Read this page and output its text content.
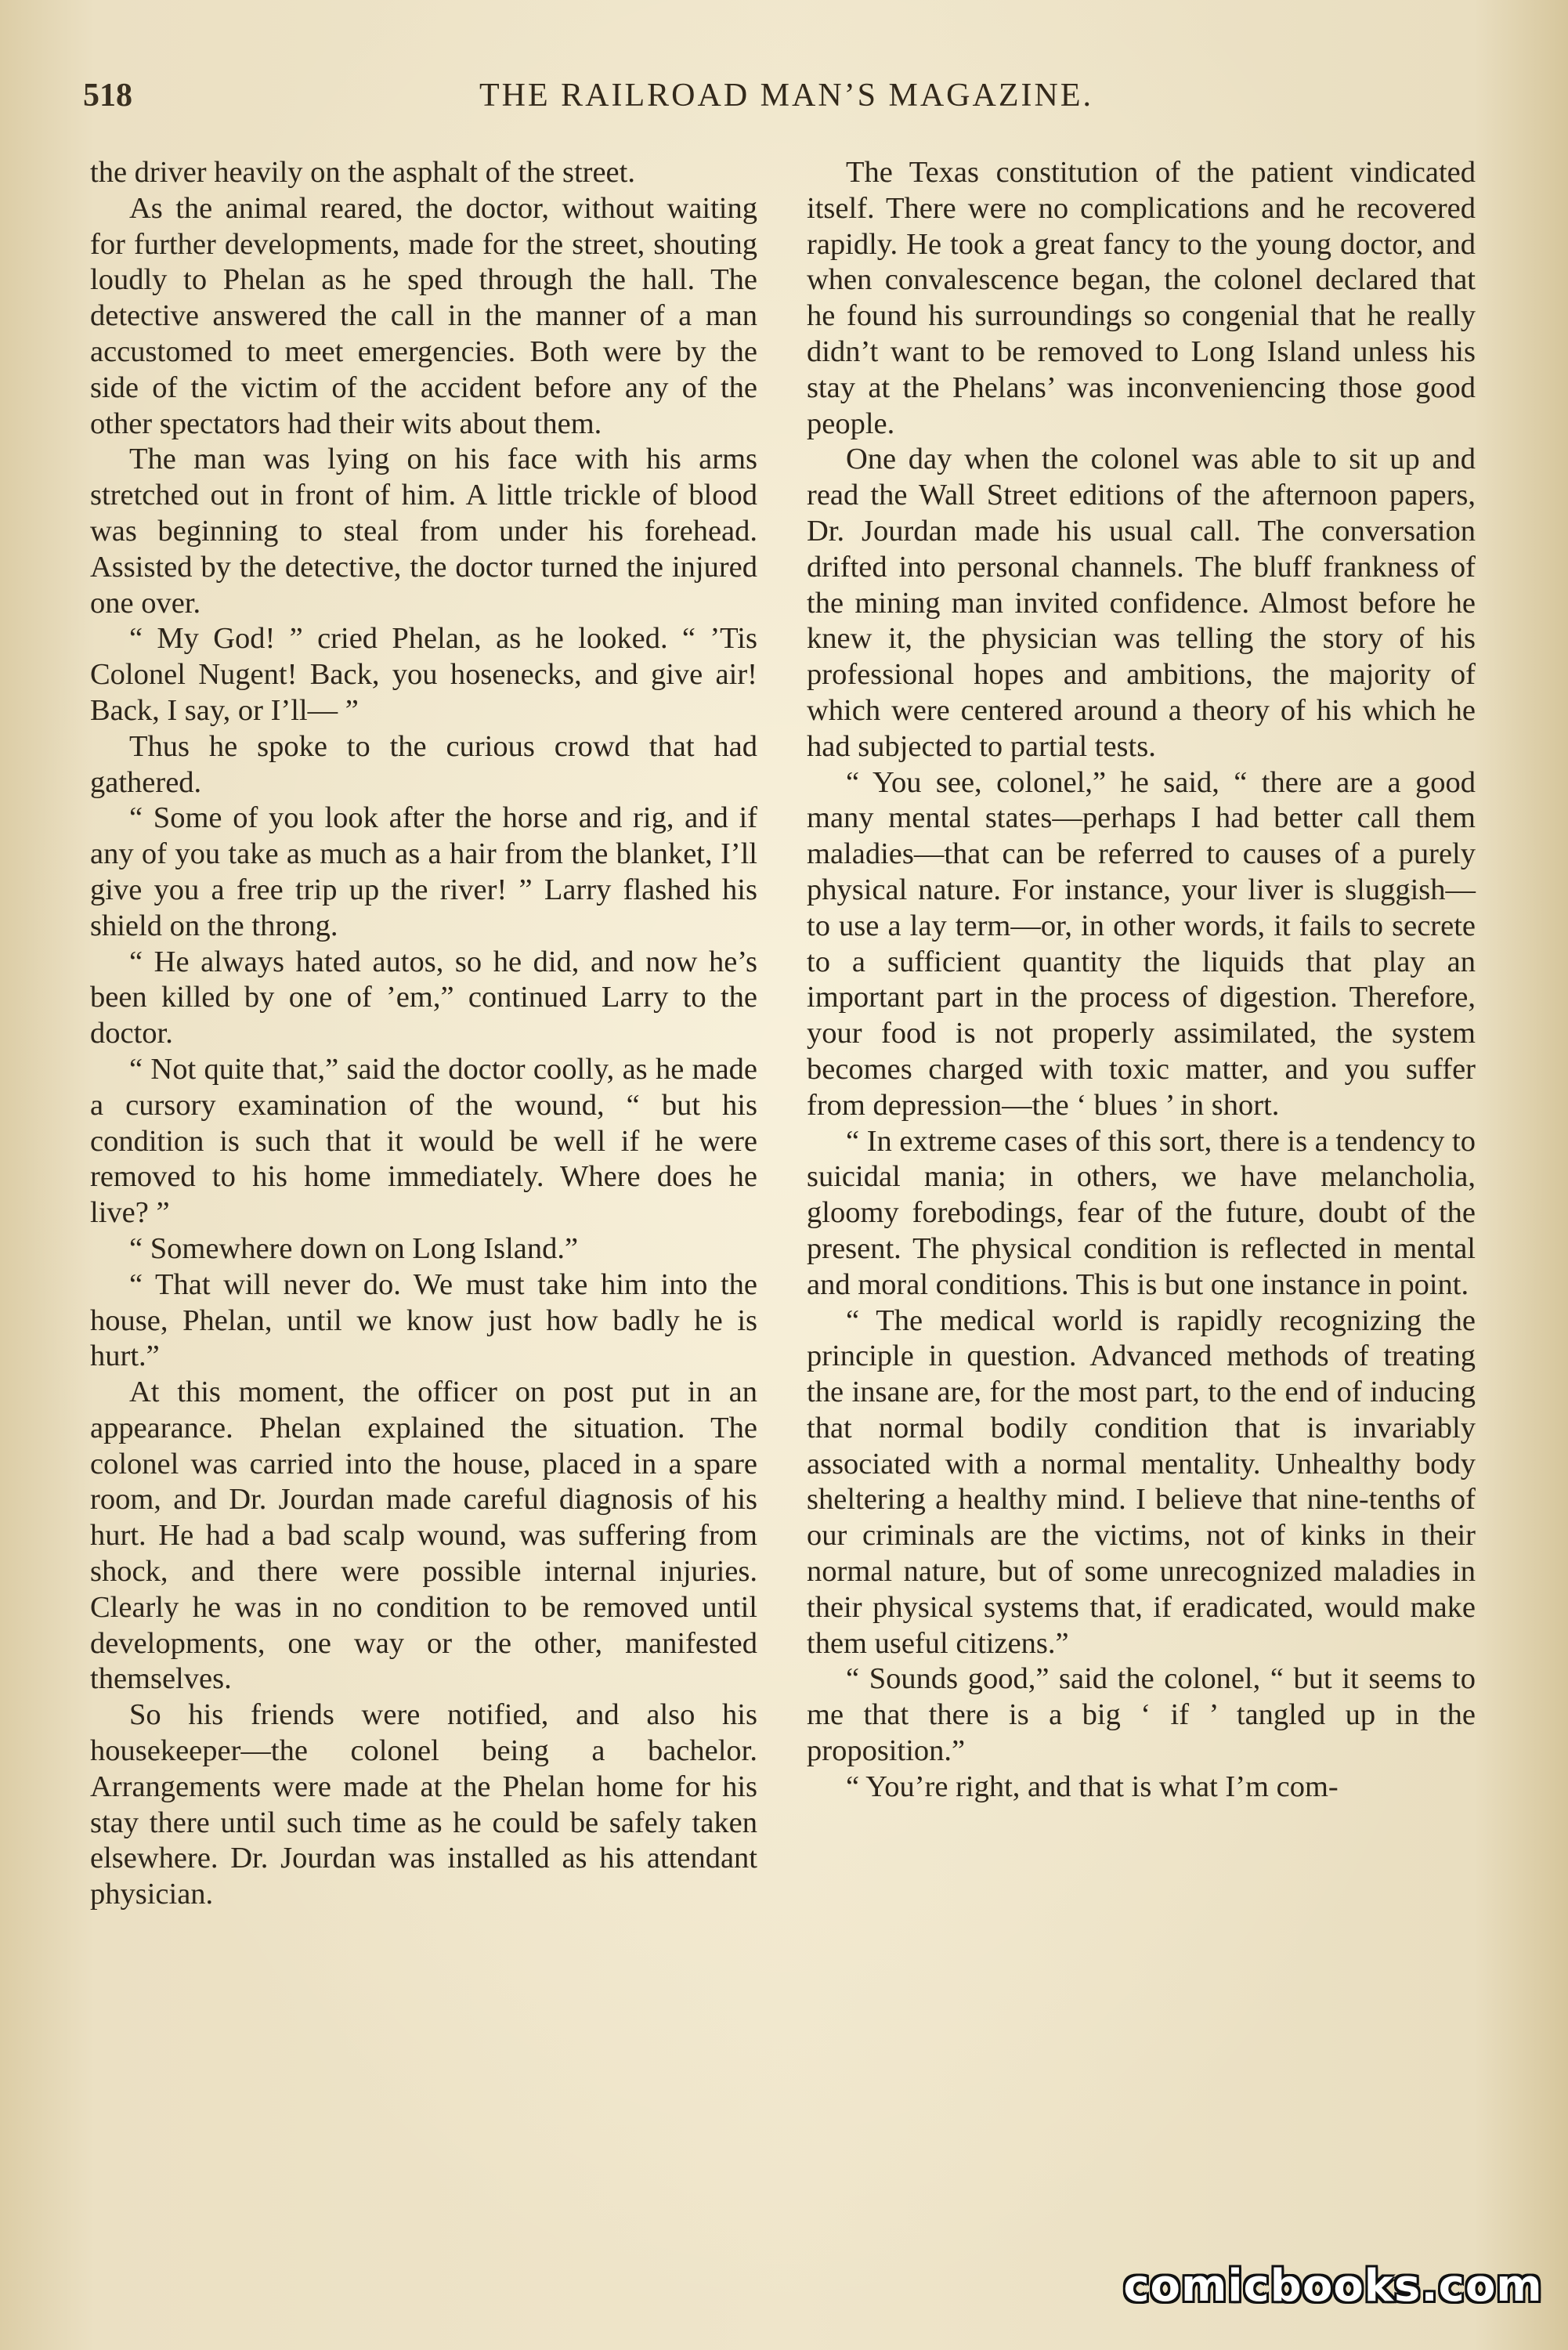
518	THE RAILROAD MAN’S MAGAZINE.

the driver heavily on the asphalt of the street.

As the animal reared, the doctor, without waiting for further developments, made for the street, shouting loudly to Phelan as he sped through the hall. The detective answered the call in the manner of a man accustomed to meet emergencies. Both were by the side of the victim of the accident before any of the other spectators had their wits about them.

The man was lying on his face with his arms stretched out in front of him. A little trickle of blood was beginning to steal from under his forehead. Assisted by the detective, the doctor turned the injured one over.

“ My God! ” cried Phelan, as he looked. “ ’Tis Colonel Nugent! Back, you hosenecks, and give air! Back, I say, or I’ll— ”

Thus he spoke to the curious crowd that had gathered.

“ Some of you look after the horse and rig, and if any of you take as much as a hair from the blanket, I’ll give you a free trip up the river! ” Larry flashed his shield on the throng.

“ He always hated autos, so he did, and now he’s been killed by one of ’em,” continued Larry to the doctor.

“ Not quite that,” said the doctor coolly, as he made a cursory examination of the wound, “ but his condition is such that it would be well if he were removed to his home immediately. Where does he live? ”

“ Somewhere down on Long Island.”

“ That will never do. We must take him into the house, Phelan, until we know just how badly he is hurt.”

At this moment, the officer on post put in an appearance. Phelan explained the situation. The colonel was carried into the house, placed in a spare room, and Dr. Jourdan made careful diagnosis of his hurt. He had a bad scalp wound, was suffering from shock, and there were possible internal injuries. Clearly he was in no condition to be removed until developments, one way or the other, manifested themselves.

So his friends were notified, and also his housekeeper—the colonel being a bachelor. Arrangements were made at the Phelan home for his stay there until such time as he could be safely taken elsewhere. Dr. Jourdan was installed as his attendant physician.

The Texas constitution of the patient vindicated itself. There were no complications and he recovered rapidly. He took a great fancy to the young doctor, and when convalescence began, the colonel declared that he found his surroundings so congenial that he really didn’t want to be removed to Long Island unless his stay at the Phelans’ was inconveniencing those good people.

One day when the colonel was able to sit up and read the Wall Street editions of the afternoon papers, Dr. Jourdan made his usual call. The conversation drifted into personal channels. The bluff frankness of the mining man invited confidence. Almost before he knew it, the physician was telling the story of his professional hopes and ambitions, the majority of which were centered around a theory of his which he had subjected to partial tests.

“ You see, colonel,” he said, “ there are a good many mental states—perhaps I had better call them maladies—that can be referred to causes of a purely physical nature. For instance, your liver is sluggish—to use a lay term—or, in other words, it fails to secrete to a sufficient quantity the liquids that play an important part in the process of digestion. Therefore, your food is not properly assimilated, the system becomes charged with toxic matter, and you suffer from depression—the ‘ blues ’ in short.

“ In extreme cases of this sort, there is a tendency to suicidal mania; in others, we have melancholia, gloomy forebodings, fear of the future, doubt of the present. The physical condition is reflected in mental and moral conditions. This is but one instance in point.

“ The medical world is rapidly recognizing the principle in question. Advanced methods of treating the insane are, for the most part, to the end of inducing that normal bodily condition that is invariably associated with a normal mentality. Unhealthy body sheltering a healthy mind. I believe that nine-tenths of our criminals are the victims, not of kinks in their normal nature, but of some unrecognized maladies in their physical systems that, if eradicated, would make them useful citizens.”

“ Sounds good,” said the colonel, “ but it seems to me that there is a big ‘ if ’ tangled up in the proposition.”

“ You’re right, and that is what I’m com-

comicbooks.com
